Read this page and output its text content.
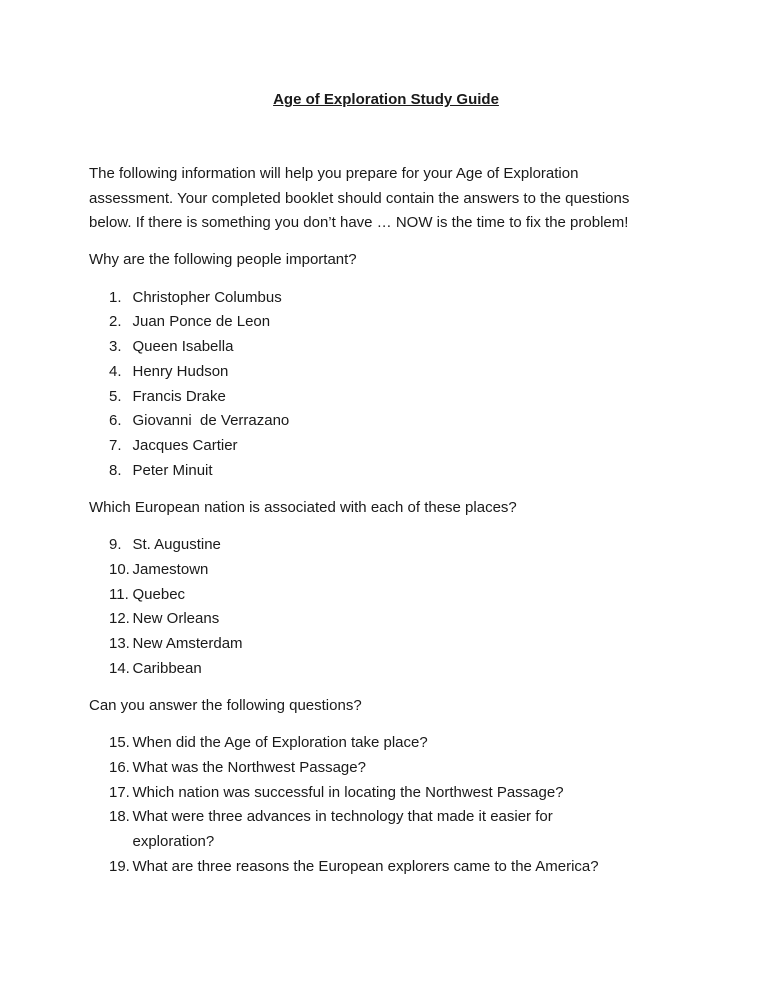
Age of Exploration Study Guide
The following information will help you prepare for your Age of Exploration
assessment. Your completed booklet should contain the answers to the questions
below. If there is something you don’t have … NOW is the time to fix the problem!

Why are the following people important?

1. Christopher Columbus
2. Juan Ponce de Leon
3. Queen Isabella
4. Henry Hudson
5. Francis Drake
6. Giovanni  de Verrazano
7. Jacques Cartier
8. Peter Minuit

Which European nation is associated with each of these places?

9. St. Augustine
10. Jamestown
11. Quebec
12. New Orleans
13. New Amsterdam
14. Caribbean

Can you answer the following questions?

15. When did the Age of Exploration take place?
16. What was the Northwest Passage?
17. Which nation was successful in locating the Northwest Passage?
18. What were three advances in technology that made it easier for
exploration?
19. What are three reasons the European explorers came to the America?
